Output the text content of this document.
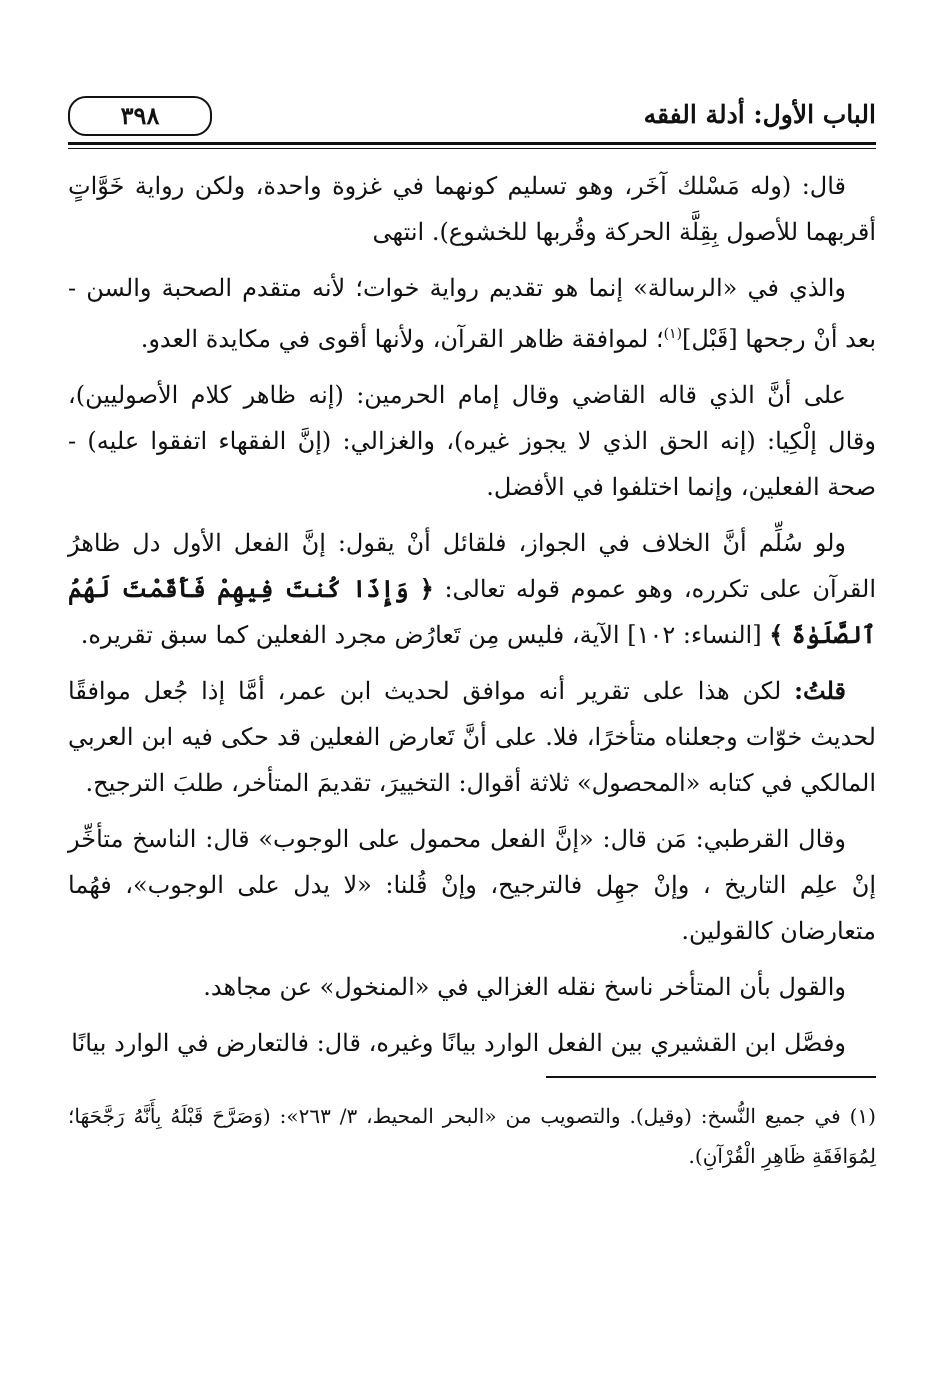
الباب الأول: أدلة الفقه
٣٩٨

قال: (وله مَسْلك آخَر، وهو تسليم كونهما في غزوة واحدة، ولكن رواية خَوَّاتٍ أقربهما للأصول بِقِلَّة الحركة وقُربها للخشوع). انتهى

والذي في «الرسالة» إنما هو تقديم رواية خوات؛ لأنه متقدم الصحبة والسن - بعد أنْ رجحها [قَبْل]$^{(١)}$؛ لموافقة ظاهر القرآن، ولأنها أقوى في مكايدة العدو.

على أنَّ الذي قاله القاضي وقال إمام الحرمين: (إنه ظاهر كلام الأصوليين)، وقال إلْكِيا: (إنه الحق الذي لا يجوز غيره)، والغزالي: (إنَّ الفقهاء اتفقوا عليه) - صحة الفعلين، وإنما اختلفوا في الأفضل.

ولو سُلِّم أنَّ الخلاف في الجواز، فلقائل أنْ يقول: إنَّ الفعل الأول دل ظاهرُ القرآن على تكرره، وهو عموم قوله تعالى: ﴿ وَإِذَا كُنتَ فِيهِمْ فَأَقَمْتَ لَهُمُ ٱلصَّلَوٰةَ ﴾ [النساء: ١٠٢] الآية، فليس مِن تَعارُض مجرد الفعلين كما سبق تقريره.

قلتُ: لكن هذا على تقرير أنه موافق لحديث ابن عمر، أمَّا إذا جُعل موافقًا لحديث خوّات وجعلناه متأخرًا، فلا. على أنَّ تَعارض الفعلين قد حكى فيه ابن العربي المالكي في كتابه «المحصول» ثلاثة أقوال: التخييرَ، تقديمَ المتأخر، طلبَ الترجيح.

وقال القرطبي: مَن قال: «إنَّ الفعل محمول على الوجوب» قال: الناسخ متأخِّر إنْ علِم التاريخ ، وإنْ جهِل فالترجيح، وإنْ قُلنا: «لا يدل على الوجوب»، فهُما متعارضان كالقولين.

والقول بأن المتأخر ناسخ نقله الغزالي في «المنخول» عن مجاهد.

وفصَّل ابن القشيري بين الفعل الوارد بيانًا وغيره، قال: فالتعارض في الوارد بيانًا

(١) في جميع النُّسخ: (وقيل). والتصويب من «البحر المحيط، ٣/ ٢٦٣»: (وَصَرَّحَ قَبْلَهُ بِأَنَّهُ رَجَّحَهَا؛ لِمُوَافَقَةِ ظَاهِرِ الْقُرْآنِ).
